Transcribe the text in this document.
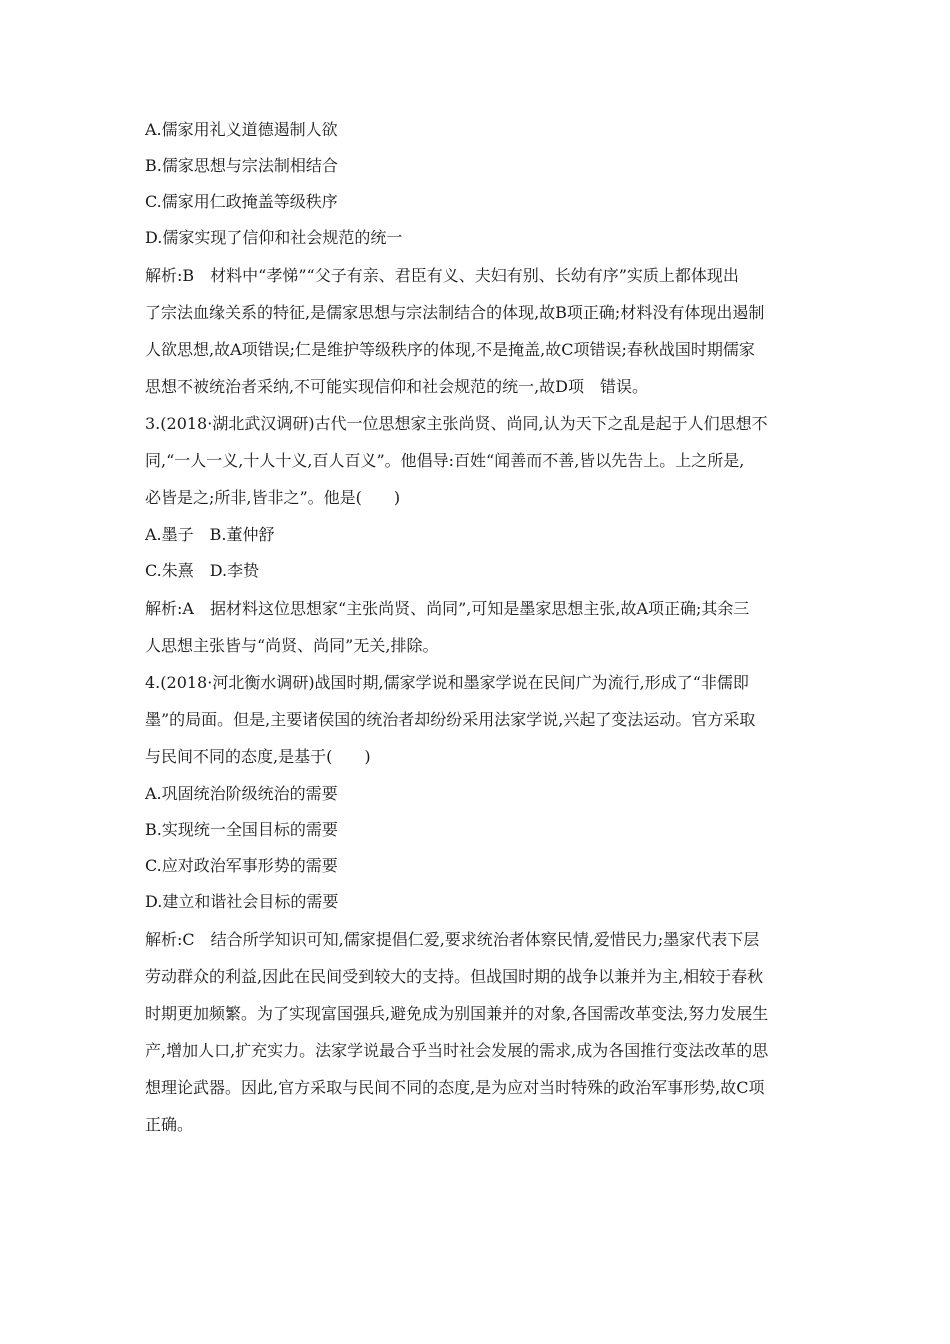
A.儒家用礼义道德遏制人欲
B.儒家思想与宗法制相结合
C.儒家用仁政掩盖等级秩序
D.儒家实现了信仰和社会规范的统一
解析:B　材料中“孝悌”“父子有亲、君臣有义、夫妇有别、长幼有序”实质上都体现出
了宗法血缘关系的特征,是儒家思想与宗法制结合的体现,故B项正确;材料没有体现出遏制
人欲思想,故A项错误;仁是维护等级秩序的体现,不是掩盖,故C项错误;春秋战国时期儒家
思想不被统治者采纳,不可能实现信仰和社会规范的统一,故D项　错误。
3.(2018·湖北武汉调研)古代一位思想家主张尚贤、尚同,认为天下之乱是起于人们思想不
同,“一人一义,十人十义,百人百义”。他倡导:百姓“闻善而不善,皆以先告上。上之所是,
必皆是之;所非,皆非之”。他是(　　)
A.墨子　B.董仲舒
C.朱熹　D.李贽
解析:A　据材料这位思想家“主张尚贤、尚同”,可知是墨家思想主张,故A项正确;其余三
人思想主张皆与“尚贤、尚同”无关,排除。
4.(2018·河北衡水调研)战国时期,儒家学说和墨家学说在民间广为流行,形成了“非儒即
墨”的局面。但是,主要诸侯国的统治者却纷纷采用法家学说,兴起了变法运动。官方采取
与民间不同的态度,是基于(　　)
A.巩固统治阶级统治的需要
B.实现统一全国目标的需要
C.应对政治军事形势的需要
D.建立和谐社会目标的需要
解析:C　结合所学知识可知,儒家提倡仁爱,要求统治者体察民情,爱惜民力;墨家代表下层
劳动群众的利益,因此在民间受到较大的支持。但战国时期的战争以兼并为主,相较于春秋
时期更加频繁。为了实现富国强兵,避免成为别国兼并的对象,各国需改革变法,努力发展生
产,增加人口,扩充实力。法家学说最合乎当时社会发展的需求,成为各国推行变法改革的思
想理论武器。因此,官方采取与民间不同的态度,是为应对当时特殊的政治军事形势,故C项
正确。
